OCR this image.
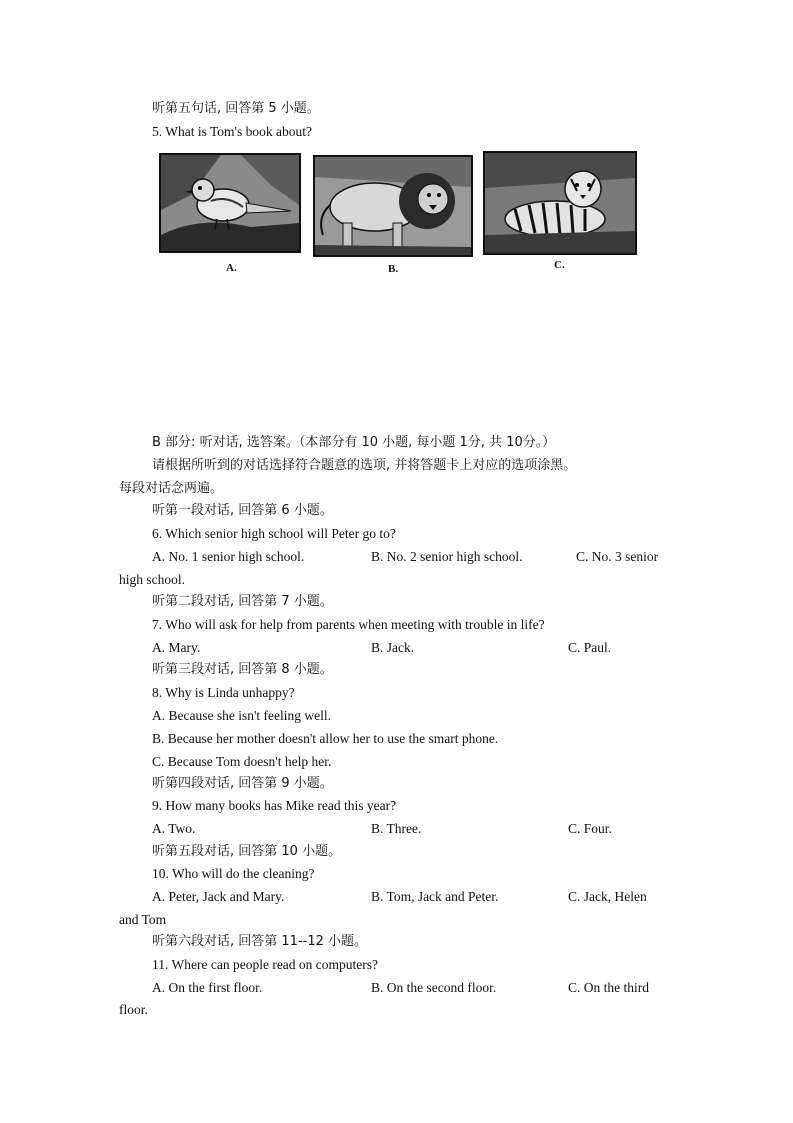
听第五句话, 回答第 5 小题。
5. What is Tom's book about?
A.	B.	C.
B 部分: 听对话, 选答案。（本部分有 10 小题, 每小题 1分, 共 10分。）
请根据所听到的对话选择符合题意的选项, 并将答题卡上对应的选项涂黑。
每段对话念两遍。
听第一段对话, 回答第 6 小题。
6. Which senior high school will Peter go to?
A. No. 1 senior high school.	B. No. 2 senior high school.	C. No. 3 senior
high school.
听第二段对话, 回答第 7 小题。
7. Who will ask for help from parents when meeting with trouble in life?
A. Mary.	B. Jack.	C. Paul.
听第三段对话, 回答第 8 小题。
8. Why is Linda unhappy?
A. Because she isn't feeling well.
B. Because her mother doesn't allow her to use the smart phone.
C. Because Tom doesn't help her.
听第四段对话, 回答第 9 小题。
9. How many books has Mike read this year?
A. Two.	B. Three.	C. Four.
听第五段对话, 回答第 10 小题。
10. Who will do the cleaning?
A. Peter, Jack and Mary.	B. Tom, Jack and Peter.	C. Jack, Helen
and Tom
听第六段对话, 回答第 11--12 小题。
11. Where can people read on computers?
A. On the first floor.	B. On the second floor.	C. On the third
floor.
